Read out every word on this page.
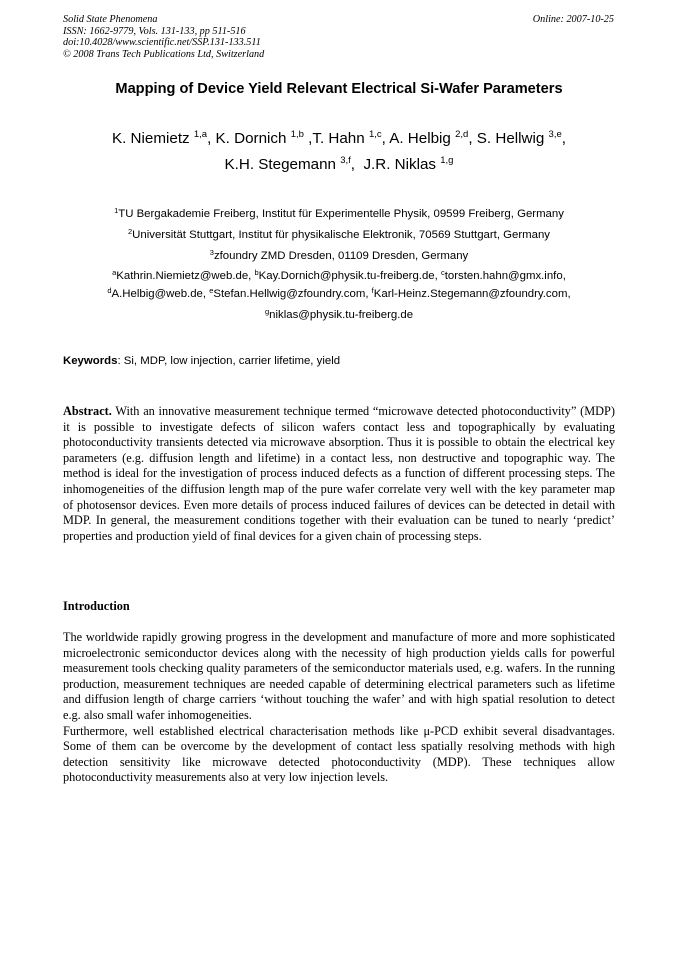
Solid State Phenomena
ISSN: 1662-9779, Vols. 131-133, pp 511-516
doi:10.4028/www.scientific.net/SSP.131-133.511
© 2008 Trans Tech Publications Ltd, Switzerland
Online: 2007-10-25
Mapping of Device Yield Relevant Electrical Si-Wafer Parameters
K. Niemietz $^{1,a}$, K. Dornich $^{1,b}$ ,T. Hahn $^{1,c}$, A. Helbig $^{2,d}$, S. Hellwig $^{3,e}$,
K.H. Stegemann $^{3,f}$,  J.R. Niklas $^{1,g}$
$^1$TU Bergakademie Freiberg, Institut für Experimentelle Physik, 09599 Freiberg, Germany
$^2$Universität Stuttgart, Institut für physikalische Elektronik, 70569 Stuttgart, Germany
$^3$zfoundry ZMD Dresden, 01109 Dresden, Germany
$^a$Kathrin.Niemietz@web.de, $^b$Kay.Dornich@physik.tu-freiberg.de, $^c$torsten.hahn@gmx.info,
$^d$A.Helbig@web.de, $^e$Stefan.Hellwig@zfoundry.com, $^f$Karl-Heinz.Stegemann@zfoundry.com,
$^g$niklas@physik.tu-freiberg.de
Keywords: Si, MDP, low injection, carrier lifetime, yield
Abstract. With an innovative measurement technique termed “microwave detected photoconductivity” (MDP) it is possible to investigate defects of silicon wafers contact less and topographically by evaluating photoconductivity transients detected via microwave absorption. Thus it is possible to obtain the electrical key parameters (e.g. diffusion length and lifetime) in a contact less, non destructive and topographic way. The method is ideal for the investigation of process induced defects as a function of different processing steps. The inhomogeneities of the diffusion length map of the pure wafer correlate very well with the key parameter map of photosensor devices. Even more details of process induced failures of devices can be detected in detail with MDP. In general, the measurement conditions together with their evaluation can be tuned to nearly ‘predict’ properties and production yield of final devices for a given chain of processing steps.
Introduction

The worldwide rapidly growing progress in the development and manufacture of more and more sophisticated microelectronic semiconductor devices along with the necessity of high production yields calls for powerful measurement tools checking quality parameters of the semiconductor materials used, e.g. wafers. In the running production, measurement techniques are needed capable of determining electrical parameters such as lifetime and diffusion length of charge carriers ‘without touching the wafer’ and with high spatial resolution to detect e.g. also small wafer inhomogeneities.

Furthermore, well established electrical characterisation methods like μ-PCD exhibit several disadvantages. Some of them can be overcome by the development of contact less spatially resolving methods with high detection sensitivity like microwave detected photoconductivity (MDP). These techniques allow photoconductivity measurements also at very low injection levels.
